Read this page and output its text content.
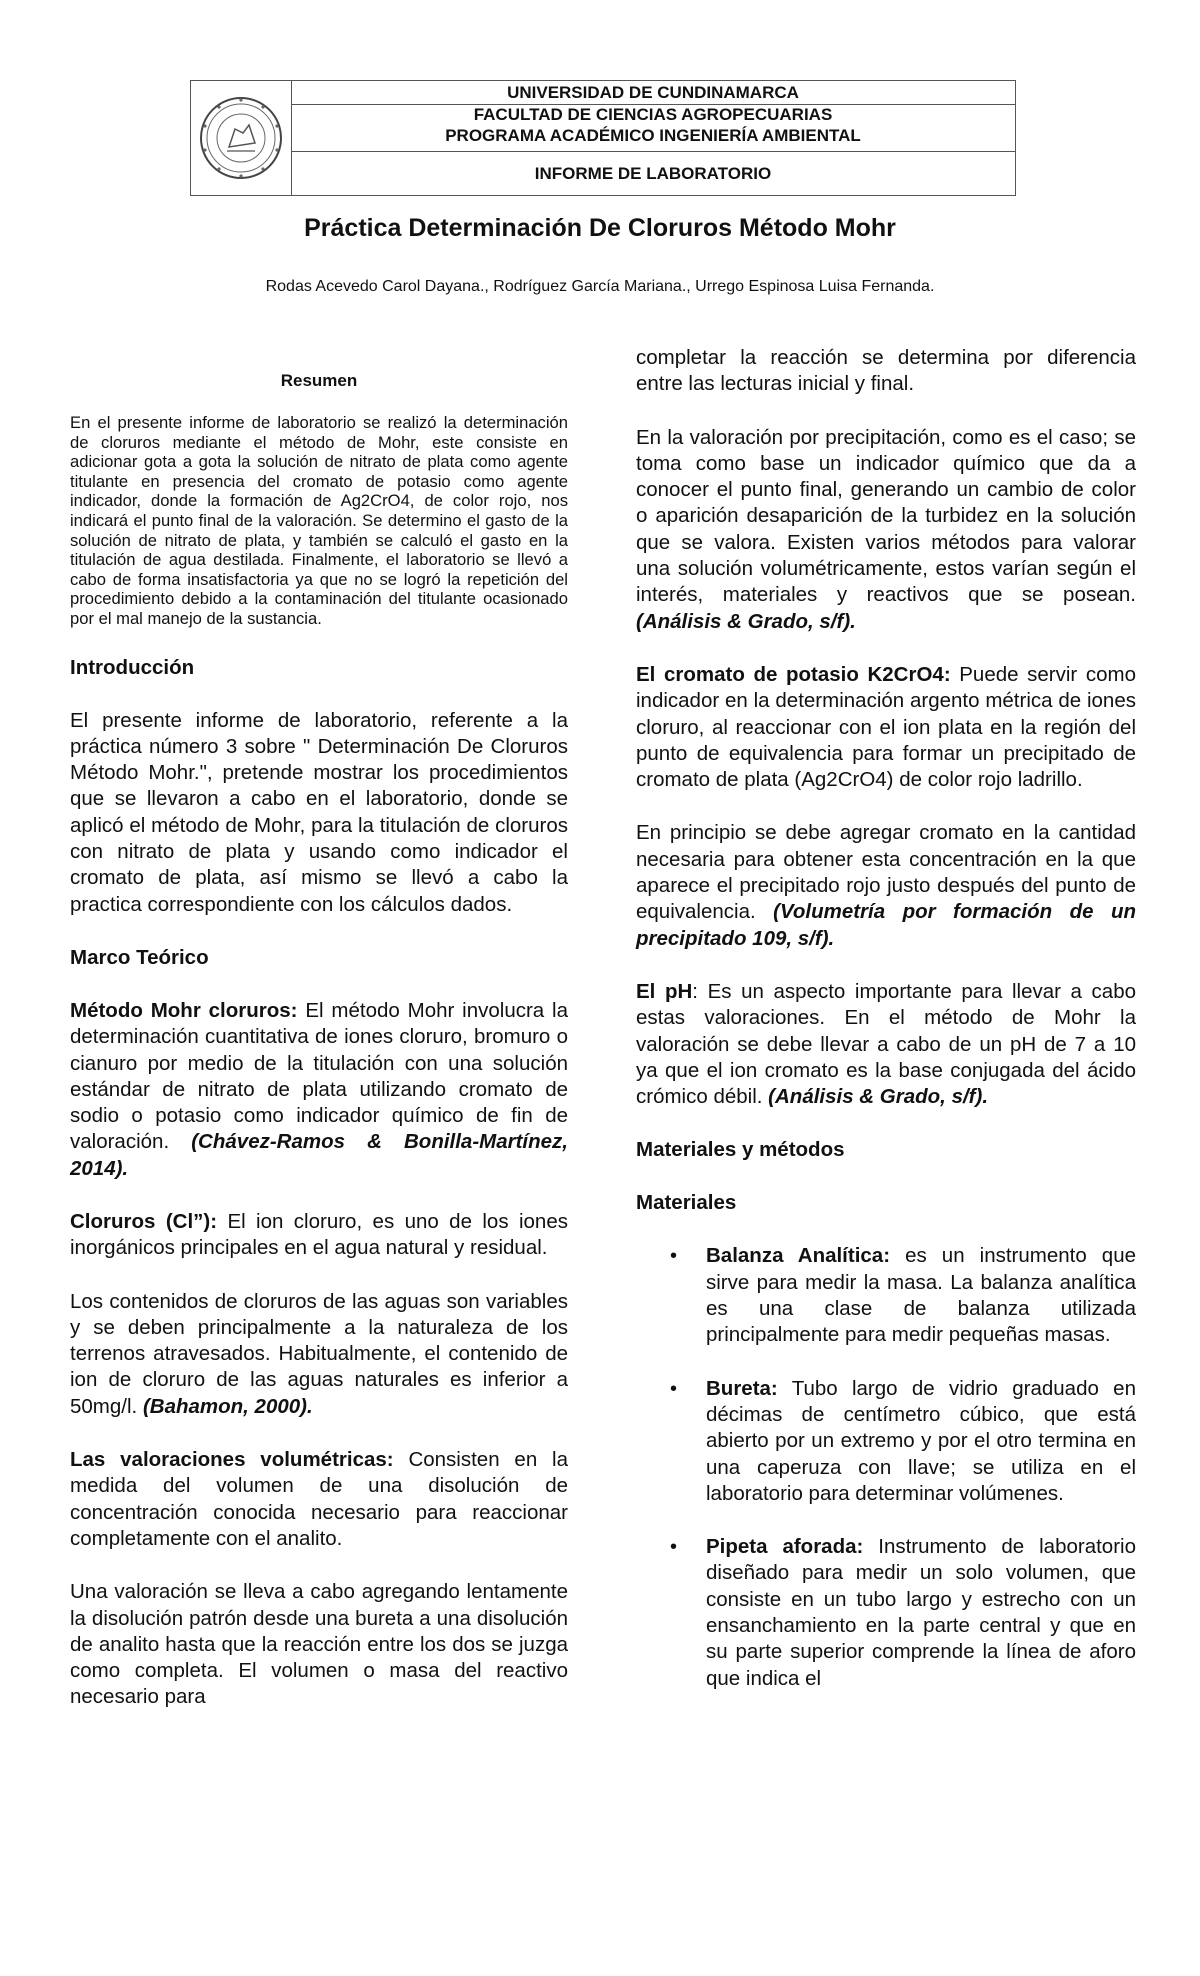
UNIVERSIDAD DE CUNDINAMARCA
FACULTAD DE CIENCIAS AGROPECUARIAS
PROGRAMA ACADÉMICO INGENIERÍA AMBIENTAL
INFORME DE LABORATORIO
Práctica Determinación De Cloruros Método Mohr
Rodas Acevedo Carol Dayana., Rodríguez García Mariana., Urrego Espinosa Luisa Fernanda.
Resumen

En el presente informe de laboratorio se realizó la determinación de cloruros mediante el método de Mohr, este consiste en adicionar gota a gota la solución de nitrato de plata como agente titulante en presencia del cromato de potasio como agente indicador, donde la formación de Ag2CrO4, de color rojo, nos indicará el punto final de la valoración. Se determino el gasto de la solución de nitrato de plata, y también se calculó el gasto en la titulación de agua destilada. Finalmente, el laboratorio se llevó a cabo de forma insatisfactoria ya que no se logró la repetición del procedimiento debido a la contaminación del titulante ocasionado por el mal manejo de la sustancia.

Introducción

El presente informe de laboratorio, referente a la práctica número 3 sobre " Determinación De Cloruros Método Mohr.", pretende mostrar los procedimientos que se llevaron a cabo en el laboratorio, donde se aplicó el método de Mohr, para la titulación de cloruros con nitrato de plata y usando como indicador el cromato de plata, así mismo se llevó a cabo la practica correspondiente con los cálculos dados.

Marco Teórico

Método Mohr cloruros: El método Mohr involucra la determinación cuantitativa de iones cloruro, bromuro o cianuro por medio de la titulación con una solución estándar de nitrato de plata utilizando cromato de sodio o potasio como indicador químico de fin de valoración. (Chávez-Ramos & Bonilla-Martínez, 2014).

Cloruros (Cl”): El ion cloruro, es uno de los iones inorgánicos principales en el agua natural y residual.

Los contenidos de cloruros de las aguas son variables y se deben principalmente a la naturaleza de los terrenos atravesados. Habitualmente, el contenido de ion de cloruro de las aguas naturales es inferior a 50mg/l. (Bahamon, 2000).

Las valoraciones volumétricas: Consisten en la medida del volumen de una disolución de concentración conocida necesario para reaccionar completamente con el analito.

Una valoración se lleva a cabo agregando lentamente la disolución patrón desde una bureta a una disolución de analito hasta que la reacción entre los dos se juzga como completa. El volumen o masa del reactivo necesario para

completar la reacción se determina por diferencia entre las lecturas inicial y final.

En la valoración por precipitación, como es el caso; se toma como base un indicador químico que da a conocer el punto final, generando un cambio de color o aparición desaparición de la turbidez en la solución que se valora. Existen varios métodos para valorar una solución volumétricamente, estos varían según el interés, materiales y reactivos que se posean. (Análisis & Grado, s/f).

El cromato de potasio K2CrO4: Puede servir como indicador en la determinación argento métrica de iones cloruro, al reaccionar con el ion plata en la región del punto de equivalencia para formar un precipitado de cromato de plata (Ag2CrO4) de color rojo ladrillo.

En principio se debe agregar cromato en la cantidad necesaria para obtener esta concentración en la que aparece el precipitado rojo justo después del punto de equivalencia. (Volumetría por formación de un precipitado 109, s/f).

El pH: Es un aspecto importante para llevar a cabo estas valoraciones. En el método de Mohr la valoración se debe llevar a cabo de un pH de 7 a 10 ya que el ion cromato es la base conjugada del ácido crómico débil. (Análisis & Grado, s/f).

Materiales y métodos
Materiales
• Balanza Analítica: es un instrumento que sirve para medir la masa. La balanza analítica es una clase de balanza utilizada principalmente para medir pequeñas masas.
• Bureta: Tubo largo de vidrio graduado en décimas de centímetro cúbico, que está abierto por un extremo y por el otro termina en una caperuza con llave; se utiliza en el laboratorio para determinar volúmenes.
• Pipeta aforada: Instrumento de laboratorio diseñado para medir un solo volumen, que consiste en un tubo largo y estrecho con un ensanchamiento en la parte central y que en su parte superior comprende la línea de aforo que indica el
